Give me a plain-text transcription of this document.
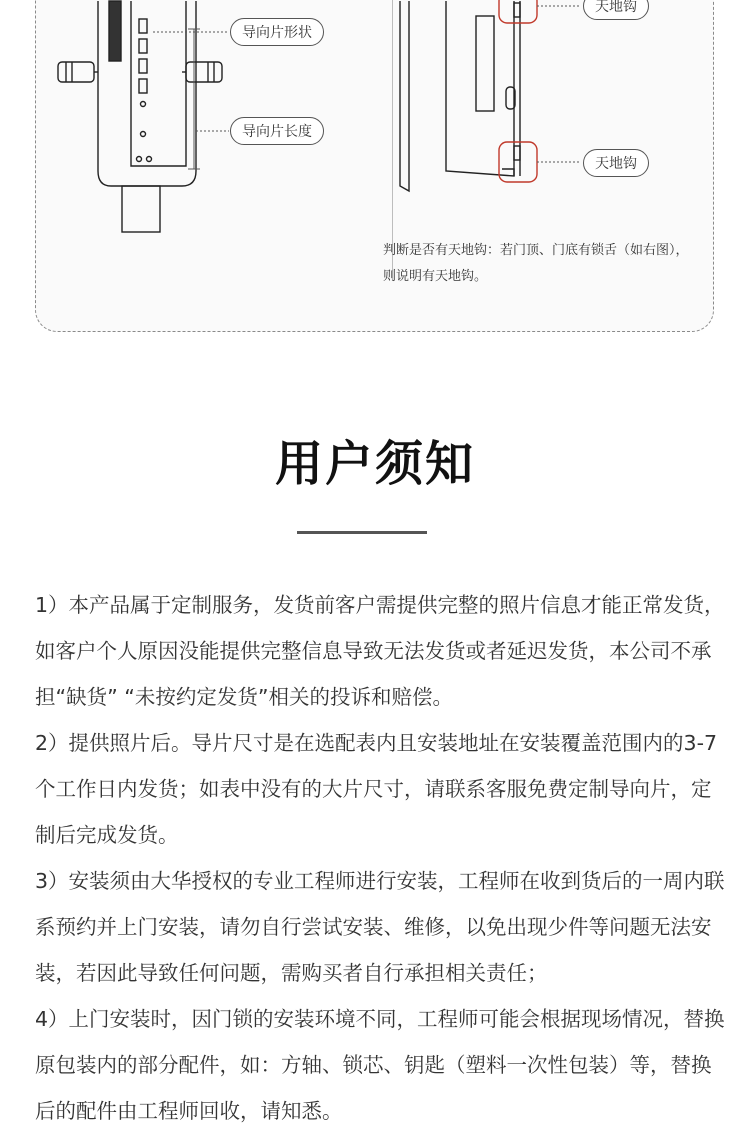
导向片形状
导向片长度
天地钩
天地钩
判断是否有天地钩：若门顶、门底有锁舌（如右图），则说明有天地钩。
用户须知

1）本产品属于定制服务，发货前客户需提供完整的照片信息才能正常发货，如客户个人原因没能提供完整信息导致无法发货或者延迟发货，本公司不承担“缺货” “未按约定发货”相关的投诉和赔偿。

2）提供照片后。导片尺寸是在选配表内且安装地址在安装覆盖范围内的3-7个工作日内发货；如表中没有的大片尺寸，请联系客服免费定制导向片，定制后完成发货。

3）安装须由大华授权的专业工程师进行安装，工程师在收到货后的一周内联系预约并上门安装，请勿自行尝试安装、维修，以免出现少件等问题无法安装，若因此导致任何问题，需购买者自行承担相关责任；

4）上门安装时，因门锁的安装环境不同，工程师可能会根据现场情况，替换原包装内的部分配件，如：方轴、锁芯、钥匙（塑料一次性包装）等，替换后的配件由工程师回收，请知悉。
